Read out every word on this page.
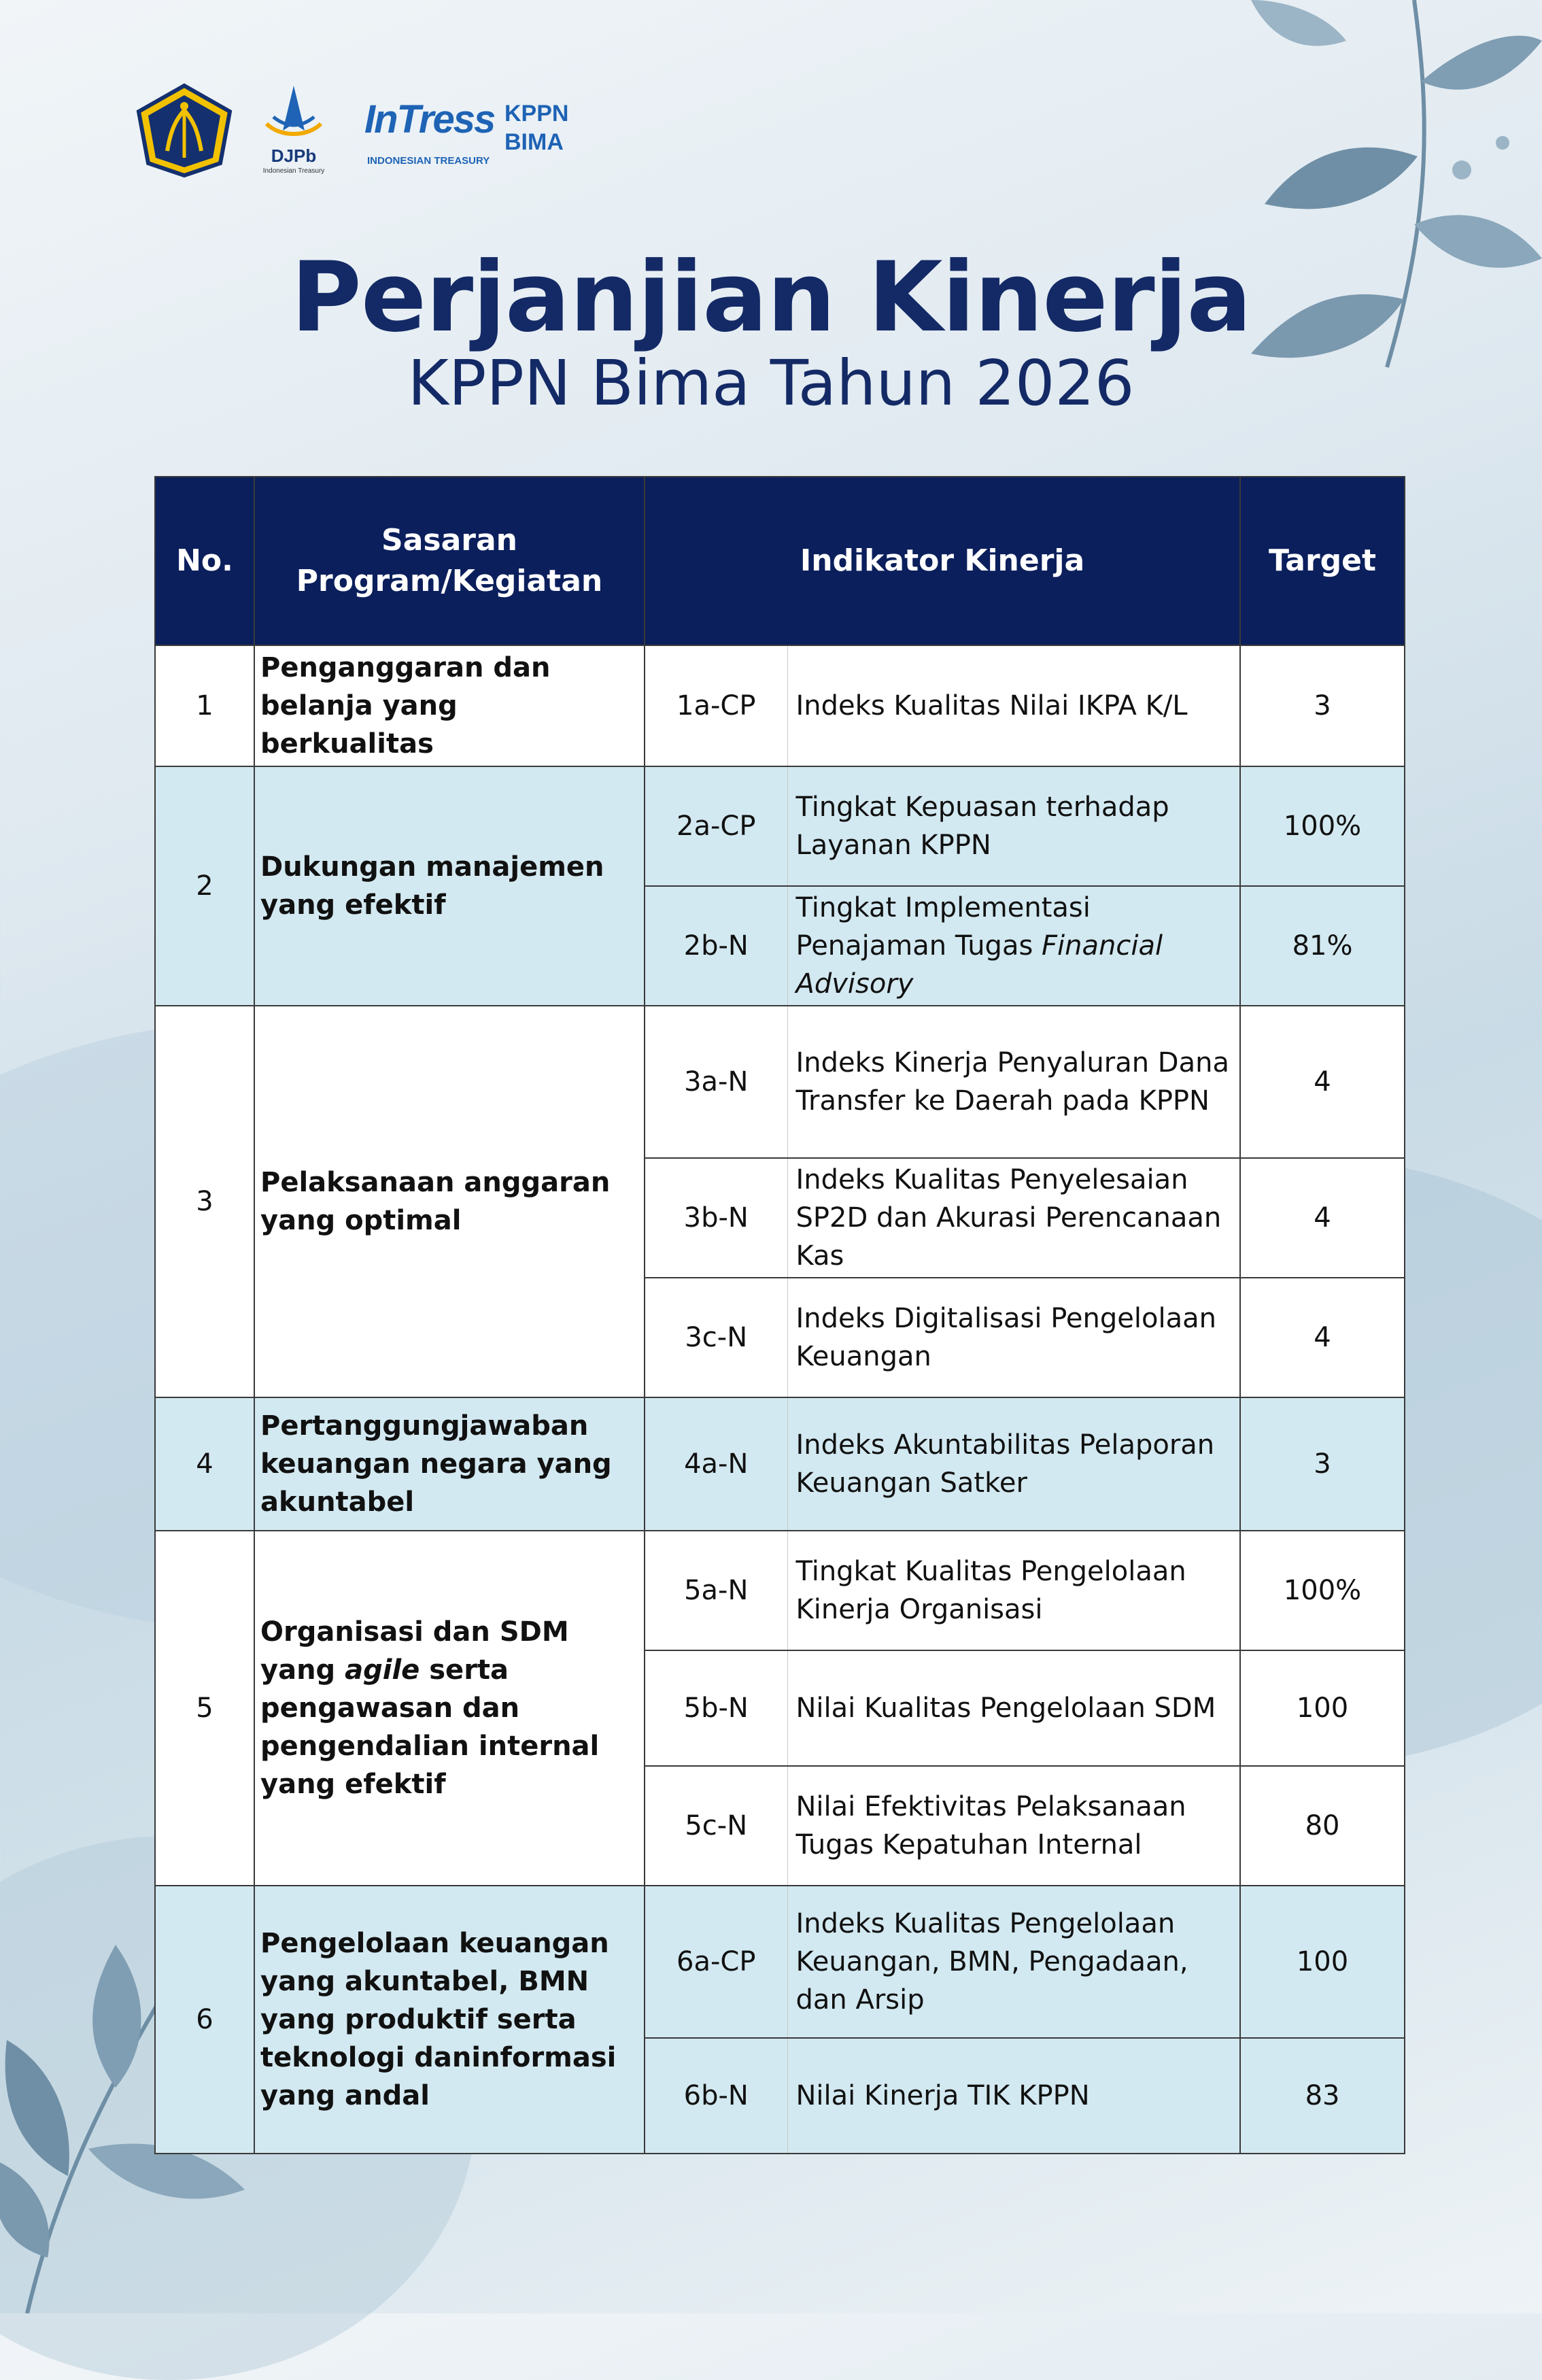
DJPb
Indonesian Treasury
InTress
INDONESIAN TREASURY
KPPN
BIMA
Perjanjian Kinerja
KPPN Bima Tahun 2026
No.	Sasaran Program/Kegiatan	Indikator Kinerja		Target
1	Penganggaran dan belanja yang berkualitas	1a-CP	Indeks Kualitas Nilai IKPA K/L	3
2	Dukungan manajemen yang efektif	2a-CP	Tingkat Kepuasan terhadap Layanan KPPN	100%
		2b-N	Tingkat Implementasi Penajaman Tugas Financial Advisory	81%
3	Pelaksanaan anggaran yang optimal	3a-N	Indeks Kinerja Penyaluran Dana Transfer ke Daerah pada KPPN	4
		3b-N	Indeks Kualitas Penyelesaian SP2D dan Akurasi Perencanaan Kas	4
		3c-N	Indeks Digitalisasi Pengelolaan Keuangan	4
4	Pertanggungjawaban keuangan negara yang akuntabel	4a-N	Indeks Akuntabilitas Pelaporan Keuangan Satker	3
5	Organisasi dan SDM yang agile serta pengawasan dan pengendalian internal yang efektif	5a-N	Tingkat Kualitas Pengelolaan Kinerja Organisasi	100%
		5b-N	Nilai Kualitas Pengelolaan SDM	100
		5c-N	Nilai Efektivitas Pelaksanaan Tugas Kepatuhan Internal	80
6	Pengelolaan keuangan yang akuntabel, BMN yang produktif serta teknologi daninformasi yang andal	6a-CP	Indeks Kualitas Pengelolaan Keuangan, BMN, Pengadaan, dan Arsip	100
		6b-N	Nilai Kinerja TIK KPPN	83
